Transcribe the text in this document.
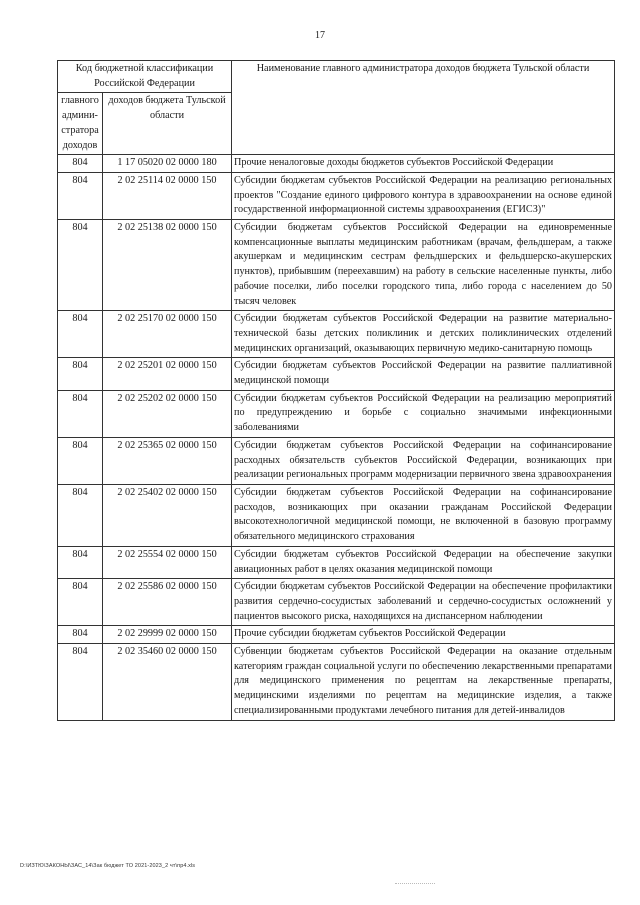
17
Код бюджетной классификации Российской Федерации		Наименование главного администратора доходов бюджета Тульской области
главного админи-стратора доходов	доходов бюджета Тульской области	
804	1 17 05020 02 0000 180	Прочие неналоговые доходы бюджетов субъектов Российской Федерации
804	2 02 25114 02 0000 150	Субсидии бюджетам субъектов Российской Федерации на реализацию региональных проектов "Создание единого цифрового контура в здравоохранении на основе единой государственной информационной системы здравоохранения (ЕГИСЗ)"
804	2 02 25138 02 0000 150	Субсидии бюджетам субъектов Российской Федерации на единовременные компенсационные выплаты медицинским работникам (врачам, фельдшерам, а также акушеркам и медицинским сестрам фельдшерских и фельдшерско-акушерских пунктов), прибывшим (переехавшим) на работу в сельские населенные пункты, либо рабочие поселки, либо поселки городского типа, либо города с населением до 50 тысяч человек
804	2 02 25170 02 0000 150	Субсидии бюджетам субъектов Российской Федерации на развитие материально-технической базы детских поликлиник и детских поликлинических отделений медицинских организаций, оказывающих первичную медико-санитарную помощь
804	2 02 25201 02 0000 150	Субсидии бюджетам субъектов Российской Федерации на развитие паллиативной медицинской помощи
804	2 02 25202 02 0000 150	Субсидии бюджетам субъектов Российской Федерации на реализацию мероприятий по предупреждению и борьбе с социально значимыми инфекционными заболеваниями
804	2 02 25365 02 0000 150	Субсидии бюджетам субъектов Российской Федерации на софинансирование расходных обязательств субъектов Российской Федерации, возникающих при реализации региональных программ модернизации первичного звена здравоохранения
804	2 02 25402 02 0000 150	Субсидии бюджетам субъектов Российской Федерации на софинансирование расходов, возникающих при оказании гражданам Российской Федерации высокотехнологичной медицинской помощи, не включенной в базовую программу обязательного медицинского страхования
804	2 02 25554 02 0000 150	Субсидии бюджетам субъектов Российской Федерации на обеспечение закупки авиационных работ в целях оказания медицинской помощи
804	2 02 25586 02 0000 150	Субсидии бюджетам субъектов Российской Федерации на обеспечение профилактики развития сердечно-сосудистых заболеваний и сердечно-сосудистых осложнений у пациентов высокого риска, находящихся на диспансерном наблюдении
804	2 02 29999 02 0000 150	Прочие субсидии бюджетам субъектов Российской Федерации
804	2 02 35460 02 0000 150	Субвенции бюджетам субъектов Российской Федерации на оказание отдельным категориям граждан социальной услуги по обеспечению лекарственными препаратами для медицинского применения по рецептам на лекарственные препараты, медицинскими изделиями по рецептам на медицинские изделия, а также специализированными продуктами лечебного питания для детей-инвалидов
D:\ИЗТЮ\ЗАКОНЫ\ЗАС_14\Зак бюджет ТО 2021-2023_2 чт\пр4.xls
